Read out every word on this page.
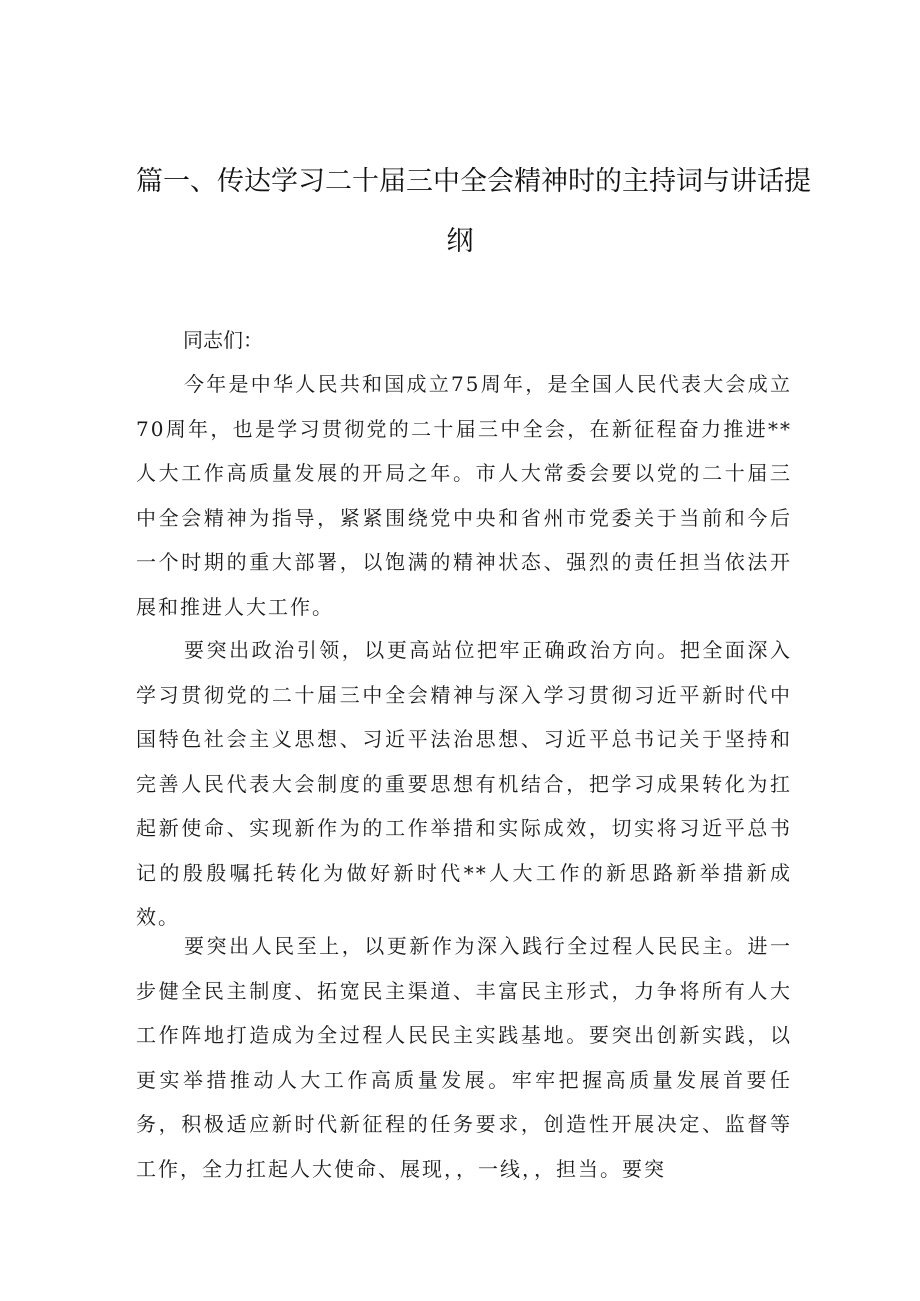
篇一、传达学习二十届三中全会精神时的主持词与讲话提
纲
同志们：

今年是中华人民共和国成立75周年，是全国人民代表大会成立70周年，也是学习贯彻党的二十届三中全会，在新征程奋力推进**人大工作高质量发展的开局之年。市人大常委会要以党的二十届三中全会精神为指导，紧紧围绕党中央和省州市党委关于当前和今后一个时期的重大部署，以饱满的精神状态、强烈的责任担当依法开展和推进人大工作。

要突出政治引领，以更高站位把牢正确政治方向。把全面深入学习贯彻党的二十届三中全会精神与深入学习贯彻习近平新时代中国特色社会主义思想、习近平法治思想、习近平总书记关于坚持和完善人民代表大会制度的重要思想有机结合，把学习成果转化为扛起新使命、实现新作为的工作举措和实际成效，切实将习近平总书记的殷殷嘱托转化为做好新时代**人大工作的新思路新举措新成效。

要突出人民至上，以更新作为深入践行全过程人民民主。进一步健全民主制度、拓宽民主渠道、丰富民主形式，力争将所有人大工作阵地打造成为全过程人民民主实践基地。要突出创新实践，以更实举措推动人大工作高质量发展。牢牢把握高质量发展首要任务，积极适应新时代新征程的任务要求，创造性开展决定、监督等工作，全力扛起人大使命、展现，，一线，，担当。要突
